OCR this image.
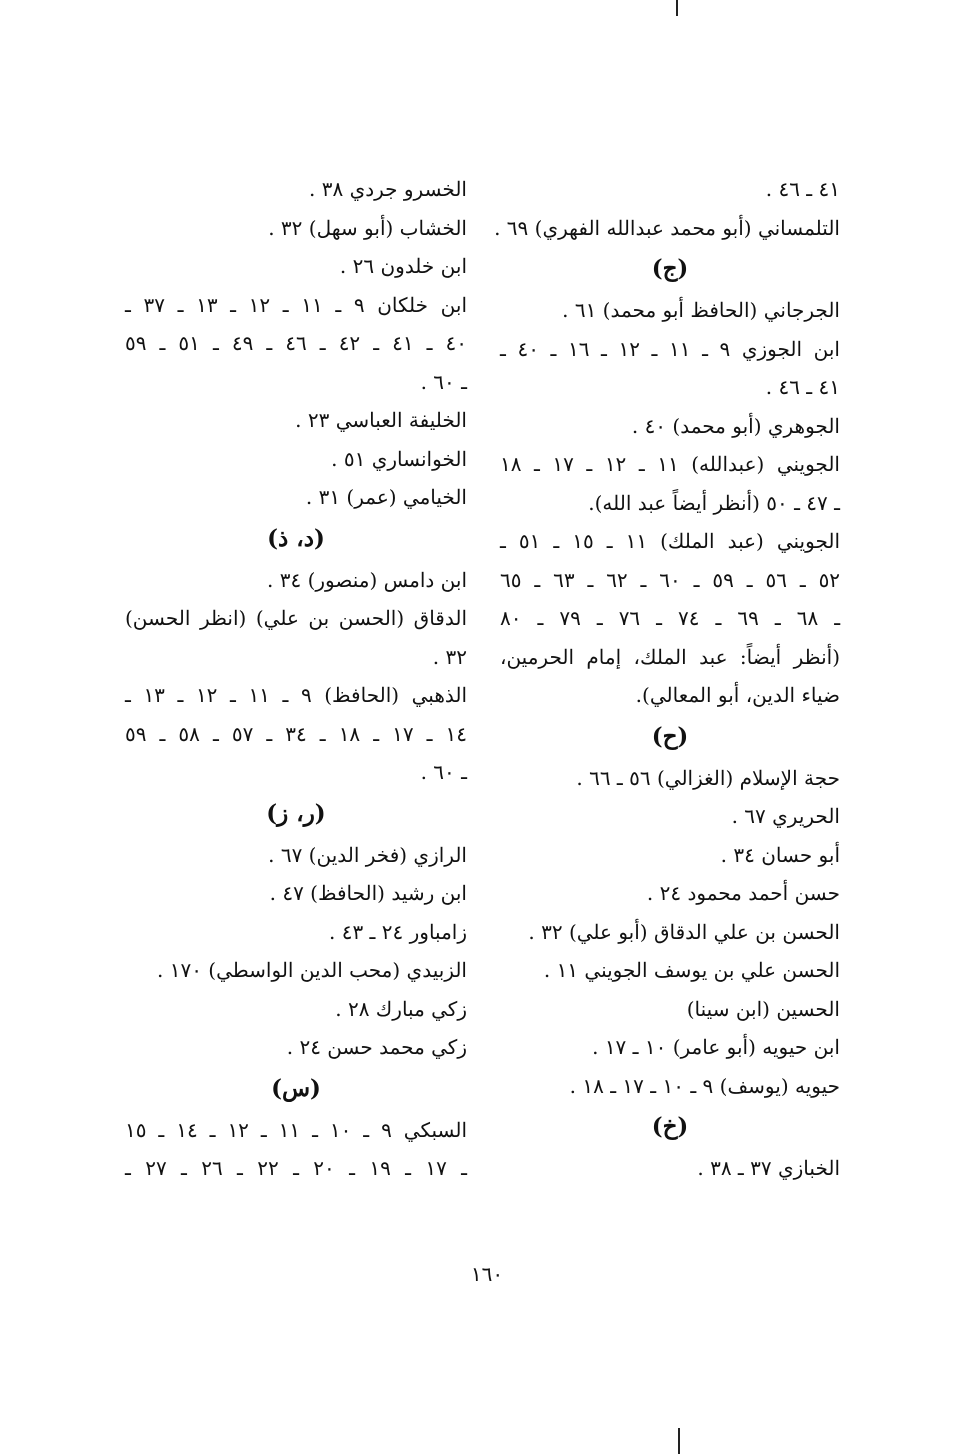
٤١ ـ ٤٦ .
التلمساني (أبو محمد عبدالله الفهري) ٦٩ .
(ج)
الجرجاني (الحافظ أبو محمد) ٦١ .
ابن الجوزي ٩ ـ ١١ ـ ١٢ ـ ١٦ ـ ٤٠ ـ
٤١ ـ ٤٦ .
الجوهري (أبو محمد) ٤٠ .
الجويني (عبدالله) ١١ ـ ١٢ ـ ١٧ ـ ١٨
ـ ٤٧ ـ ٥٠ (أنظر أيضاً عبد الله).
الجويني (عبد الملك) ١١ ـ ١٥ ـ ٥١ ـ
٥٢ ـ ٥٦ ـ ٥٩ ـ ٦٠ ـ ٦٢ ـ ٦٣ ـ ٦٥
ـ ٦٨ ـ ٦٩ ـ ٧٤ ـ ٧٦ ـ ٧٩ ـ ٨٠
(أنظر أيضاً: عبد الملك، إمام الحرمين،
ضياء الدين، أبو المعالي).
(ح)
حجة الإسلام (الغزالي) ٥٦ ـ ٦٦ .
الحريري ٦٧ .
أبو حسان ٣٤ .
حسن أحمد محمود ٢٤ .
الحسن بن علي الدقاق (أبو علي) ٣٢ .
الحسن علي بن يوسف الجويني ١١ .
الحسين (ابن سينا)
ابن حيويه (أبو عامر) ١٠ ـ ١٧ .
حيويه (يوسف) ٩ ـ ١٠ ـ ١٧ ـ ١٨ .
(خ)
الخبازي ٣٧ ـ ٣٨ .
الخسرو جردي ٣٨ .
الخشاب (أبو سهل) ٣٢ .
ابن خلدون ٢٦ .
ابن خلكان ٩ ـ ١١ ـ ١٢ ـ ١٣ ـ ٣٧ ـ
٤٠ ـ ٤١ ـ ٤٢ ـ ٤٦ ـ ٤٩ ـ ٥١ ـ ٥٩
ـ ٦٠ .
الخليفة العباسي ٢٣ .
الخوانساري ٥١ .
الخيامي (عمر) ٣١ .
(د، ذ)
ابن دامس (منصور) ٣٤ .
الدقاق (الحسن بن علي) (انظر الحسن)
٣٢ .
الذهبي (الحافظ) ٩ ـ ١١ ـ ١٢ ـ ١٣ ـ
١٤ ـ ١٧ ـ ١٨ ـ ٣٤ ـ ٥٧ ـ ٥٨ ـ ٥٩
ـ ٦٠ .
(ر، ز)
الرازي (فخر الدين) ٦٧ .
ابن رشيد (الحافظ) ٤٧ .
زامباور ٢٤ ـ ٤٣ .
الزبيدي (محب الدين الواسطي) ١٧٠ .
زكي مبارك ٢٨ .
زكي محمد حسن ٢٤ .
(س)
السبكي ٩ ـ ١٠ ـ ١١ ـ ١٢ ـ ١٤ ـ ١٥
ـ ١٧ ـ ١٩ ـ ٢٠ ـ ٢٢ ـ ٢٦ ـ ٢٧ ـ
١٦٠
